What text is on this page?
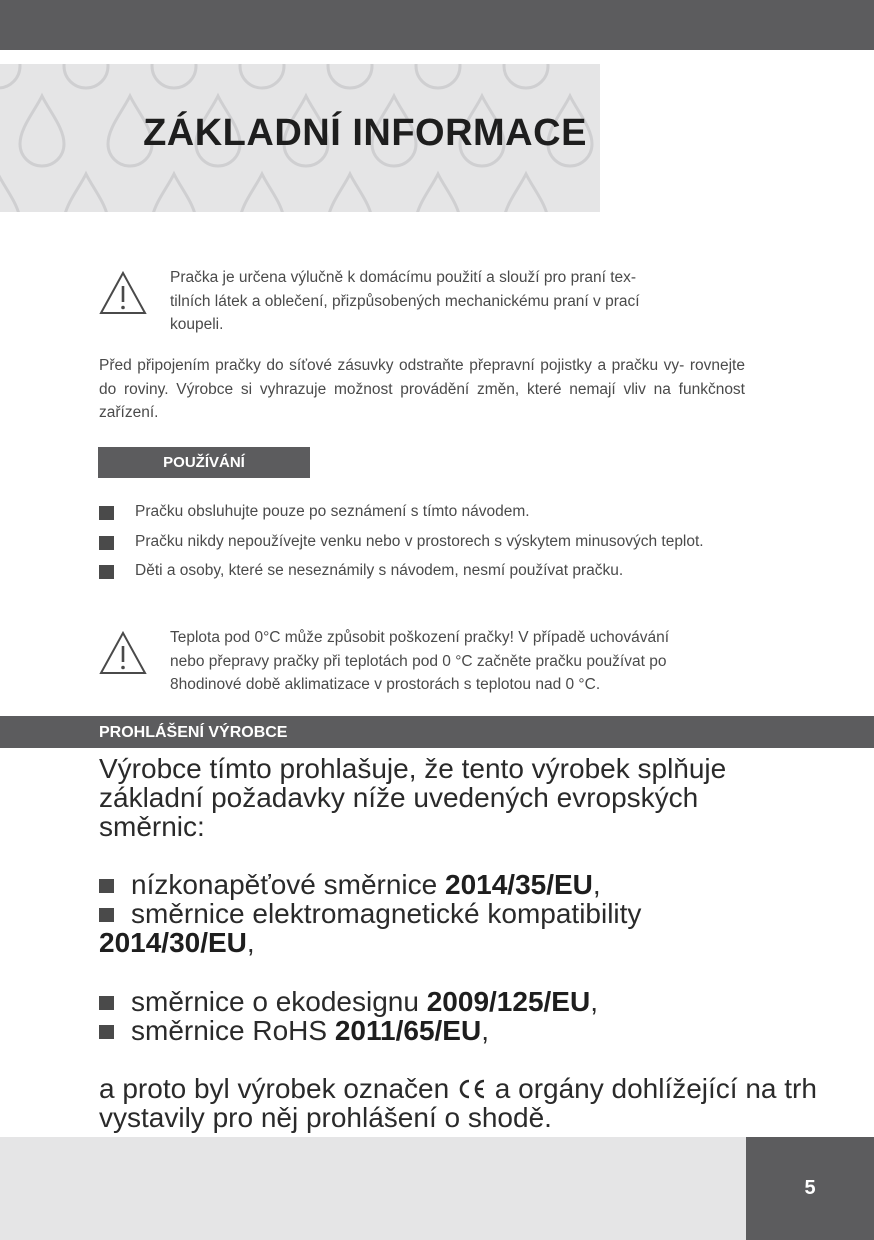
ZÁKLADNÍ INFORMACE

Pračka je určena výlučně k domácímu použití a slouží pro praní tex-
tilních látek a oblečení, přizpůsobených mechanickému praní v prací
koupeli.

Před připojením pračky do síťové zásuvky odstraňte přepravní pojistky a pračku vy- rovnejte do roviny. Výrobce si vyhrazuje možnost provádění změn, které nemají vliv na funkčnost zařízení.

POUŽÍVÁNÍ
Pračku obsluhujte pouze po seznámení s tímto návodem.
Pračku nikdy nepoužívejte venku nebo v prostorech s výskytem minusových teplot.
Děti a osoby, které se neseznámily s návodem, nesmí používat pračku.

Teplota pod 0°C může způsobit poškození pračky! V případě uchovávání
nebo přepravy pračky při teplotách pod 0 °C začněte pračku používat po
8hodinové době aklimatizace v prostorách s teplotou nad 0 °C.

PROHLÁŠENÍ VÝROBCE

Výrobce tímto prohlašuje, že tento výrobek splňuje základní požadavky níže uvedených evropských směrnic:

nízkonapěťové směrnice 2014/35/EU,

směrnice elektromagnetické kompatibility 2014/30/EU,

směrnice o ekodesignu 2009/125/EU,

směrnice RoHS 2011/65/EU,

a proto byl výrobek označen  a orgány dohlížející na trh vystavily pro něj prohlášení o shodě.

5
